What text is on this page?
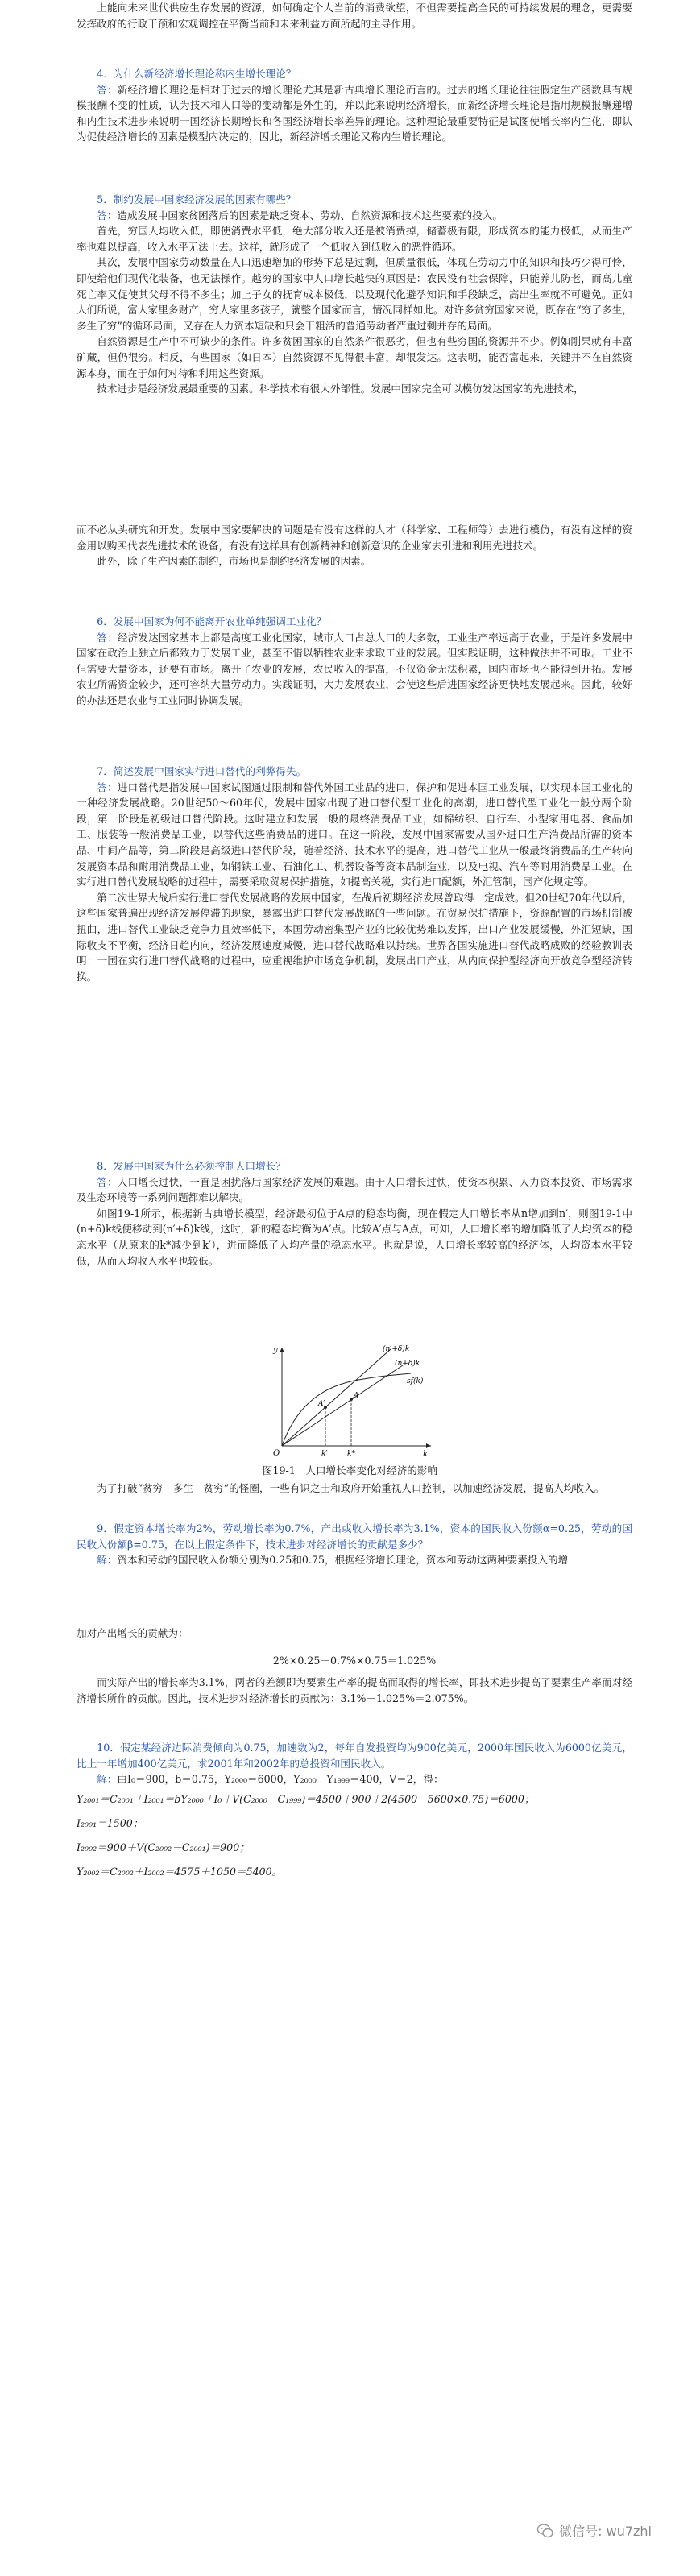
上能向未来世代供应生存发展的资源，如何确定个人当前的消费欲望，不但需要提高全民的可持续发展的理念，更需要发挥政府的行政干预和宏观调控在平衡当前和未来利益方面所起的主导作用。

4．为什么新经济增长理论称内生增长理论？

答：新经济增长理论是相对于过去的增长理论尤其是新古典增长理论而言的。过去的增长理论往往假定生产函数具有规模报酬不变的性质，认为技术和人口等的变动都是外生的，并以此来说明经济增长，而新经济增长理论是指用规模报酬递增和内生技术进步来说明一国经济长期增长和各国经济增长率差异的理论。这种理论最重要特征是试图使增长率内生化，即认为促使经济增长的因素是模型内决定的，因此，新经济增长理论又称内生增长理论。

5．制约发展中国家经济发展的因素有哪些？

答：造成发展中国家贫困落后的因素是缺乏资本、劳动、自然资源和技术这些要素的投入。

首先，穷国人均收入低，即使消费水平低，绝大部分收入还是被消费掉，储蓄极有限，形成资本的能力极低，从而生产率也难以提高，收入水平无法上去。这样，就形成了一个低收入到低收入的恶性循环。

其次，发展中国家劳动数量在人口迅速增加的形势下总是过剩，但质量很低，体现在劳动力中的知识和技巧少得可怜，即使给他们现代化装备，也无法操作。越穷的国家中人口增长越快的原因是：农民没有社会保障，只能养儿防老，而高儿童死亡率又促使其父母不得不多生；加上子女的抚育成本极低，以及现代化避孕知识和手段缺乏，高出生率就不可避免。正如人们所说，富人家里多财产，穷人家里多孩子，就整个国家而言，情况同样如此。对许多贫穷国家来说，既存在“穷了多生，多生了穷”的循环局面，又存在人力资本短缺和只会干粗活的普通劳动者严重过剩并存的局面。

自然资源是生产中不可缺少的条件。许多贫困国家的自然条件很恶劣，但也有些穷国的资源并不少。例如刚果就有丰富矿藏，但仍很穷。相反，有些国家（如日本）自然资源不见得很丰富，却很发达。这表明，能否富起来，关键并不在自然资源本身，而在于如何对待和利用这些资源。

技术进步是经济发展最重要的因素。科学技术有很大外部性。发展中国家完全可以模仿发达国家的先进技术，

而不必从头研究和开发。发展中国家要解决的问题是有没有这样的人才（科学家、工程师等）去进行模仿，有没有这样的资金用以购买代表先进技术的设备，有没有这样具有创新精神和创新意识的企业家去引进和利用先进技术。

此外，除了生产因素的制约，市场也是制约经济发展的因素。

6．发展中国家为何不能离开农业单纯强调工业化？

答：经济发达国家基本上都是高度工业化国家，城市人口占总人口的大多数，工业生产率远高于农业，于是许多发展中国家在政治上独立后都致力于发展工业，甚至不惜以牺牲农业来求取工业的发展。但实践证明，这种做法并不可取。工业不但需要大量资本，还要有市场。离开了农业的发展，农民收入的提高，不仅资金无法积累，国内市场也不能得到开拓。发展农业所需资金较少，还可容纳大量劳动力。实践证明，大力发展农业，会使这些后进国家经济更快地发展起来。因此，较好的办法还是农业与工业同时协调发展。

7．简述发展中国家实行进口替代的利弊得失。

答：进口替代是指发展中国家试图通过限制和替代外国工业品的进口，保护和促进本国工业发展，以实现本国工业化的一种经济发展战略。20世纪50～60年代，发展中国家出现了进口替代型工业化的高潮，进口替代型工业化一般分两个阶段，第一阶段是初级进口替代阶段。这时建立和发展一般的最终消费品工业，如棉纺织、自行车、小型家用电器、食品加工、服装等一般消费品工业，以替代这些消费品的进口。在这一阶段，发展中国家需要从国外进口生产消费品所需的资本品、中间产品等，第二阶段是高级进口替代阶段，随着经济、技术水平的提高，进口替代工业从一般最终消费品的生产转向发展资本品和耐用消费品工业，如钢铁工业、石油化工、机器设备等资本品制造业，以及电视、汽车等耐用消费品工业。在实行进口替代发展战略的过程中，需要采取贸易保护措施，如提高关税，实行进口配额，外汇管制，国产化规定等。

第二次世界大战后实行进口替代发展战略的发展中国家，在战后初期经济发展曾取得一定成效。但20世纪70年代以后，这些国家普遍出现经济发展停滞的现象，暴露出进口替代发展战略的一些问题。在贸易保护措施下，资源配置的市场机制被扭曲，进口替代工业缺乏竞争力且效率低下，本国劳动密集型产业的比较优势难以发挥，出口产业发展缓慢，外汇短缺，国际收支不平衡，经济日趋内向，经济发展速度减慢，进口替代战略难以持续。世界各国实施进口替代战略成败的经验教训表明：一国在实行进口替代战略的过程中，应重视维护市场竞争机制，发展出口产业，从内向保护型经济向开放竞争型经济转换。

8．发展中国家为什么必须控制人口增长？

答：人口增长过快，一直是困扰落后国家经济发展的难题。由于人口增长过快，使资本积累、人力资本投资、市场需求及生态环境等一系列问题都难以解决。

如图19-1所示，根据新古典增长模型，经济最初位于A点的稳态均衡，现在假定人口增长率从n增加到n′，则图19-1中(n+δ)k线便移动到(n′+δ)k线，这时，新的稳态均衡为A′点。比较A′点与A点，可知，人口增长率的增加降低了人均资本的稳态水平（从原来的k*减少到k′），进而降低了人均产量的稳态水平。也就是说，人口增长率较高的经济体，人均资本水平较低，从而人均收入水平也较低。

y
k
O
(n′+δ)k
(n+δ)k
sf(k)
A′
A
k′	k*
图19-1　人口增长率变化对经济的影响

为了打破“贫穷—多生—贫穷”的怪圈，一些有识之士和政府开始重视人口控制，以加速经济发展，提高人均收入。

9．假定资本增长率为2%，劳动增长率为0.7%，产出或收入增长率为3.1%，资本的国民收入份额α=0.25，劳动的国民收入份额β=0.75，在以上假定条件下，技术进步对经济增长的贡献是多少？

解：资本和劳动的国民收入份额分别为0.25和0.75，根据经济增长理论，资本和劳动这两种要素投入的增

加对产出增长的贡献为：

2%×0.25＋0.7%×0.75＝1.025%

而实际产出的增长率为3.1%，两者的差额即为要素生产率的提高而取得的增长率，即技术进步提高了要素生产率而对经济增长所作的贡献。因此，技术进步对经济增长的贡献为：3.1%－1.025%＝2.075%。

10．假定某经济边际消费倾向为0.75，加速数为2，每年自发投资均为900亿美元，2000年国民收入为6000亿美元，比上一年增加400亿美元，求2001年和2002年的总投资和国民收入。

解：由I₀＝900，b＝0.75，Y₂₀₀₀＝6000，Y₂₀₀₀－Y₁₉₉₉＝400，V＝2，得：

Y₂₀₀₁＝C₂₀₀₁＋I₂₀₀₁＝bY₂₀₀₀＋I₀＋V(C₂₀₀₀－C₁₉₉₉)＝4500＋900＋2(4500－5600×0.75)＝6000；

I₂₀₀₁＝1500；

I₂₀₀₂＝900＋V(C₂₀₀₂－C₂₀₀₁)＝900；

Y₂₀₀₂＝C₂₀₀₂＋I₂₀₀₂＝4575＋1050＝5400。

微信号: wu7zhi
